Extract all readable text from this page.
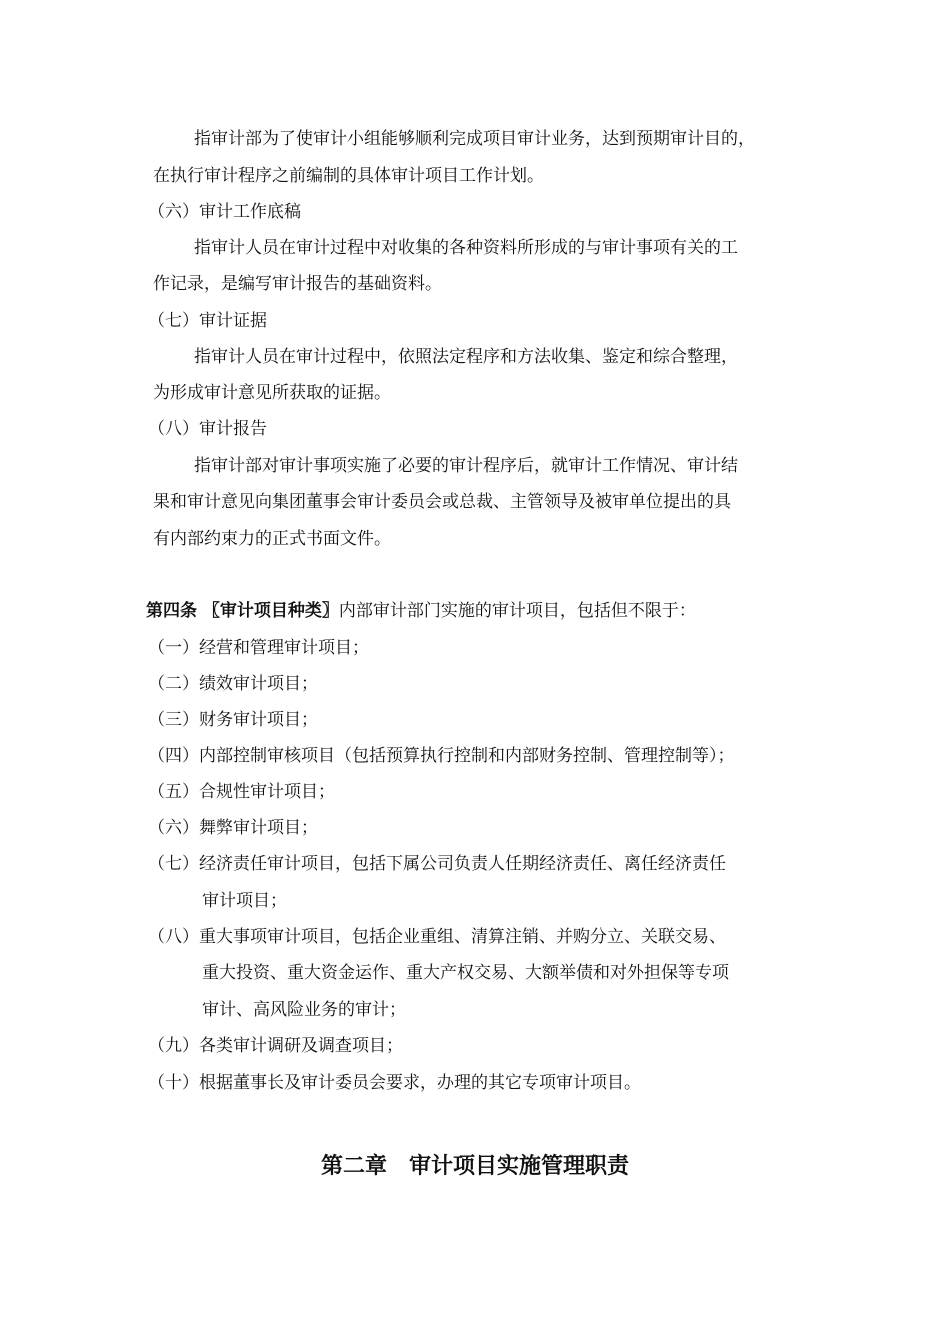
指审计部为了使审计小组能够顺利完成项目审计业务，达到预期审计目的，
在执行审计程序之前编制的具体审计项目工作计划。
（六）审计工作底稿
指审计人员在审计过程中对收集的各种资料所形成的与审计事项有关的工
作记录，是编写审计报告的基础资料。
（七）审计证据
指审计人员在审计过程中，依照法定程序和方法收集、鉴定和综合整理，
为形成审计意见所获取的证据。
（八）审计报告
指审计部对审计事项实施了必要的审计程序后，就审计工作情况、审计结
果和审计意见向集团董事会审计委员会或总裁、主管领导及被审单位提出的具
有内部约束力的正式书面文件。
第四条 〖审计项目种类〗内部审计部门实施的审计项目，包括但不限于：
（一）经营和管理审计项目；
（二）绩效审计项目；
（三）财务审计项目；
（四）内部控制审核项目（包括预算执行控制和内部财务控制、管理控制等）；
（五）合规性审计项目；
（六）舞弊审计项目；
（七）经济责任审计项目，包括下属公司负责人任期经济责任、离任经济责任
审计项目；
（八）重大事项审计项目，包括企业重组、清算注销、并购分立、关联交易、
重大投资、重大资金运作、重大产权交易、大额举债和对外担保等专项
审计、高风险业务的审计；
（九）各类审计调研及调查项目；
（十）根据董事长及审计委员会要求，办理的其它专项审计项目。
第二章　审计项目实施管理职责
